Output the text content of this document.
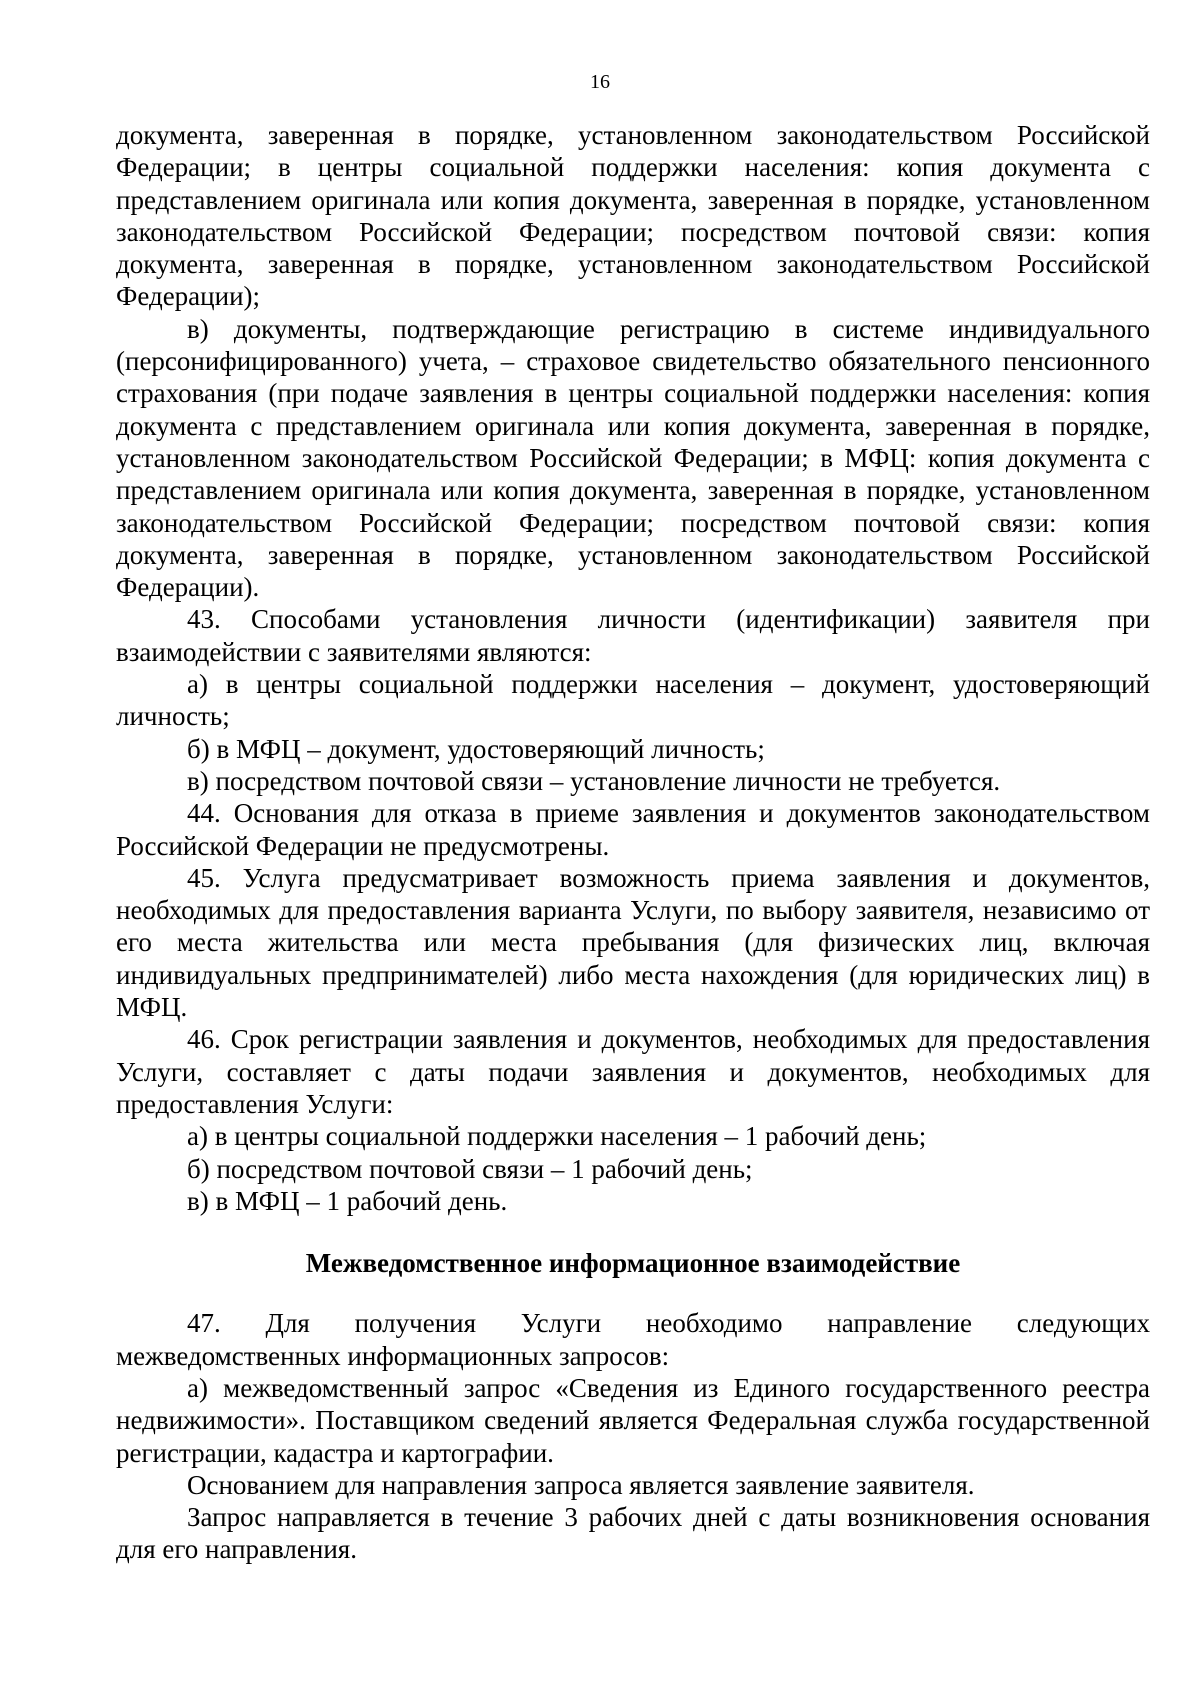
16

документа, заверенная в порядке, установленном законодательством Российской Федерации; в центры социальной поддержки населения: копия документа с представлением оригинала или копия документа, заверенная в порядке, установленном законодательством Российской Федерации; посредством почтовой связи: копия документа, заверенная в порядке, установленном законодательством Российской Федерации);

в) документы, подтверждающие регистрацию в системе индивидуального (персонифицированного) учета, – страховое свидетельство обязательного пенсионного страхования (при подаче заявления в центры социальной поддержки населения: копия документа с представлением оригинала или копия документа, заверенная в порядке, установленном законодательством Российской Федерации; в МФЦ: копия документа с представлением оригинала или копия документа, заверенная в порядке, установленном законодательством Российской Федерации; посредством почтовой связи: копия документа, заверенная в порядке, установленном законодательством Российской Федерации).

43. Способами установления личности (идентификации) заявителя при взаимодействии с заявителями являются:

а) в центры социальной поддержки населения – документ, удостоверяющий личность;

б) в МФЦ – документ, удостоверяющий личность;

в) посредством почтовой связи – установление личности не требуется.

44. Основания для отказа в приеме заявления и документов законодательством Российской Федерации не предусмотрены.

45. Услуга предусматривает возможность приема заявления и документов, необходимых для предоставления варианта Услуги, по выбору заявителя, независимо от его места жительства или места пребывания (для физических лиц, включая индивидуальных предпринимателей) либо места нахождения (для юридических лиц) в МФЦ.

46. Срок регистрации заявления и документов, необходимых для предоставления Услуги, составляет с даты подачи заявления и документов, необходимых для предоставления Услуги:

а) в центры социальной поддержки населения – 1 рабочий день;

б) посредством почтовой связи – 1 рабочий день;

в) в МФЦ – 1 рабочий день.

Межведомственное информационное взаимодействие

47. Для получения Услуги необходимо направление следующих межведомственных информационных запросов:

а) межведомственный запрос «Сведения из Единого государственного реестра недвижимости». Поставщиком сведений является Федеральная служба государственной регистрации, кадастра и картографии.

Основанием для направления запроса является заявление заявителя.

Запрос направляется в течение 3 рабочих дней с даты возникновения основания для его направления.
